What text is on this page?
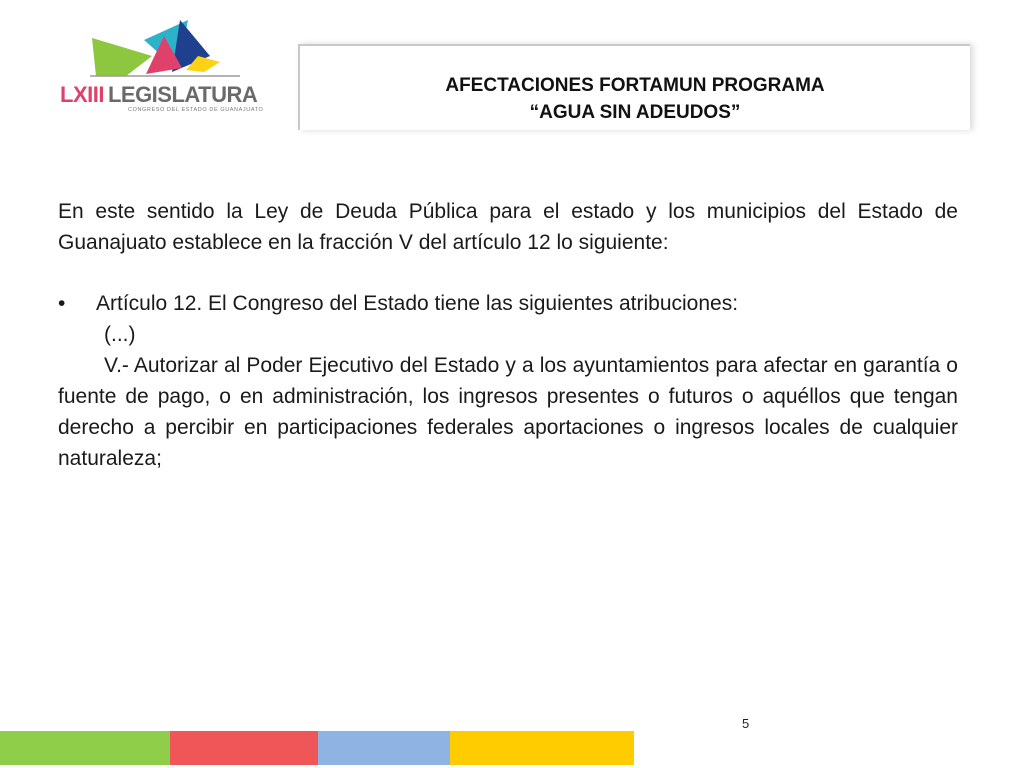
LXIII LEGISLATURA
CONGRESO DEL ESTADO DE GUANAJUATO
AFECTACIONES FORTAMUN PROGRAMA
“AGUA SIN ADEUDOS”

En este sentido la Ley de Deuda Pública para el estado y los municipios del Estado de Guanajuato establece en la fracción V del artículo 12 lo siguiente:

•	Artículo 12. El Congreso del Estado tiene las siguientes atribuciones:

(...)

V.- Autorizar al Poder Ejecutivo del Estado y a los ayuntamientos para afectar en garantía o fuente de pago, o en administración, los ingresos presentes o futuros o aquéllos que tengan derecho a percibir en participaciones federales aportaciones o ingresos locales de cualquier naturaleza;

5
